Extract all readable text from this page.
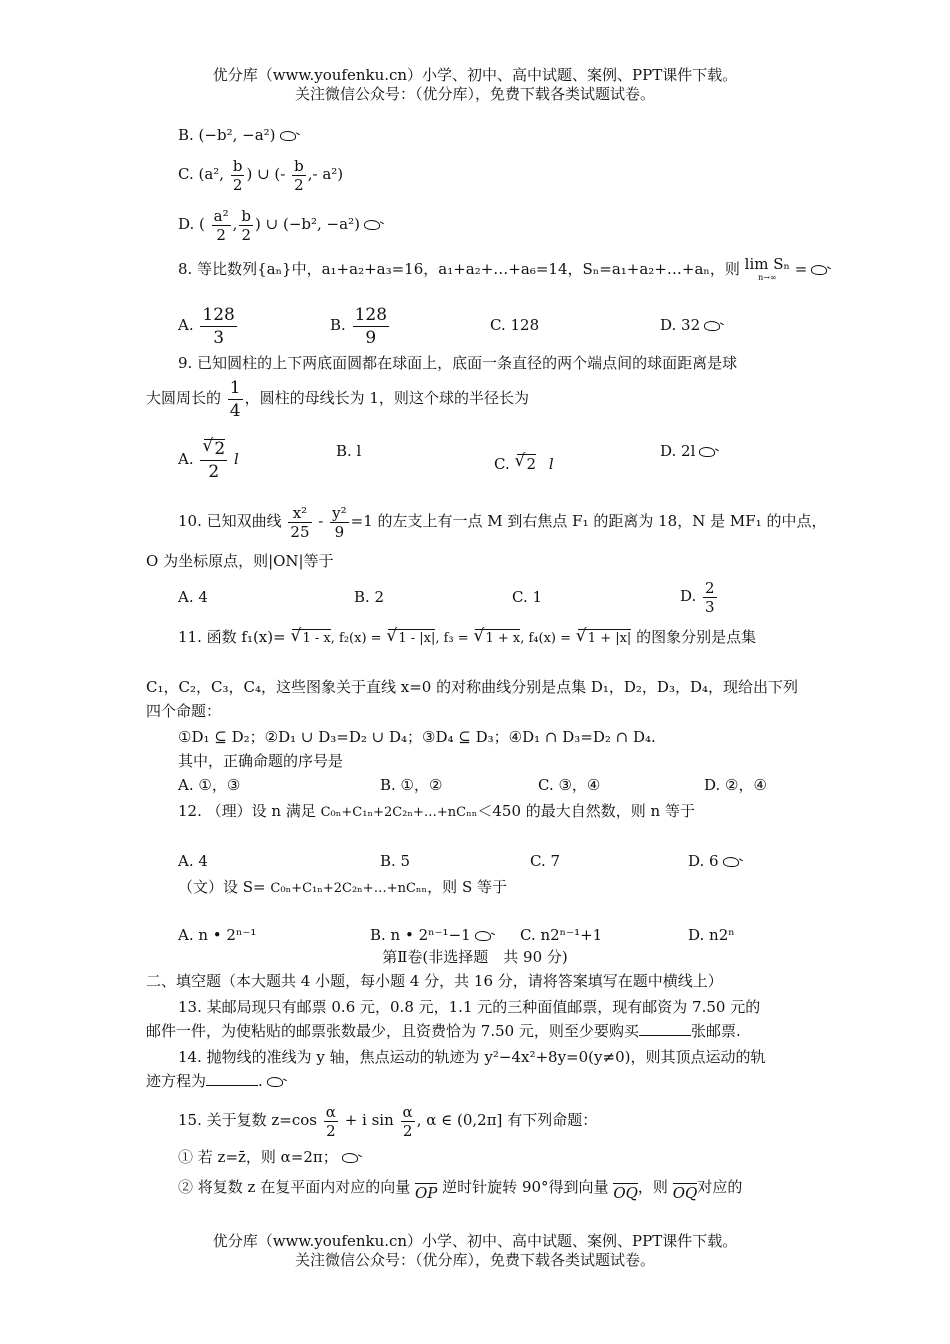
优分库（www.youfenku.cn）小学、初中、高中试题、案例、PPT课件下载。
关注微信公众号：（优分库），免费下载各类试题试卷。
B. (−b², −a²)
C. (a², $\frac{b}{2}$ ) ∪ (- $\frac{b}{2}$ ,- a²)
D. ( $\frac{\text{a²}}{2}$ , $\frac{b}{2}$ ) ∪ (−b², −a²)
8. 等比数列{aₙ}中，a₁+a₂+a₃=16，a₁+a₂+…+a₆=14，Sₙ=a₁+a₂+…+aₙ，则 lim Sₙ
n→∞	=
A. $\frac{128}{3}$	B. $\frac{128}{9}$	C. 128	D. 32
9. 已知圆柱的上下两底面圆都在球面上，底面一条直径的两个端点间的球面距离是球
大圆周长的 $\frac{1}{4}$ ，圆柱的母线长为 1，则这个球的半径长为
A. √ $\frac{2}{2}$ l	B. l
C. √ 2 l
D. 2l
10. 已知双曲线 $\frac{\text{x²}}{25} - \frac{\text{y²}}{9} =1$ 的左支上有一点 M 到右焦点 F₁ 的距离为 18，N 是 MF₁ 的中点，
O 为坐标原点，则|ON|等于
A. 4	B. 2	C. 1	D. $\frac{2}{3}$
11. 函数 f₁(x)= √ 1 - x, f₂(x) = √ 1 - |x|, f₃ = √ 1 + x, f₄(x) = √ 1 + |x| 的图象分别是点集
C₁，C₂，C₃，C₄，这些图象关于直线 x=0 的对称曲线分别是点集 D₁，D₂，D₃，D₄，现给出下列
四个命题：
①D₁ ⊆ D₂；②D₁ ∪ D₃=D₂ ∪ D₄；③D₄ ⊆ D₃；④D₁ ∩ D₃=D₂ ∩ D₄.
其中，正确命题的序号是
A. ①，③	B. ①，②	C. ③，④	D. ②，④
12. （理）设 n 满足 C₀ₙ+C₁ₙ+2C₂ₙ+…+nCₙₙ＜450 的最大自然数，则 n 等于
A. 4	B. 5	C. 7	D. 6
（文）设 S= C₀ₙ+C₁ₙ+2C₂ₙ+…+nCₙₙ，则 S 等于
A. n • 2ⁿ⁻¹	B. n • 2ⁿ⁻¹−1	C. n2ⁿ⁻¹+1	D. n2ⁿ
第Ⅱ卷(非选择题　共 90 分)
二、填空题（本大题共 4 小题，每小题 4 分，共 16 分，请将答案填写在题中横线上）
13. 某邮局现只有邮票 0.6 元，0.8 元，1.1 元的三种面值邮票，现有邮资为 7.50 元的
邮件一件，为使粘贴的邮票张数最少，且资费恰为 7.50 元，则至少要购买	张邮票.
14. 抛物线的准线为 y 轴，焦点运动的轨迹为 y²−4x²+8y=0(y≠0)，则其顶点运动的轨
迹方程为	.
15. 关于复数 $z=\cos \frac{\alpha}{2} + i$ $\sin \frac{\alpha}{2}$ , α ∈ (0,2π] 有下列命题：
① 若 z=z̄，则 α=2π；
② 将复数 z 在复平面内对应的向量 OP 逆时针旋转 90°得到向量 OQ，则 OQ对应的
优分库（www.youfenku.cn）小学、初中、高中试题、案例、PPT课件下载。
关注微信公众号：（优分库），免费下载各类试题试卷。
